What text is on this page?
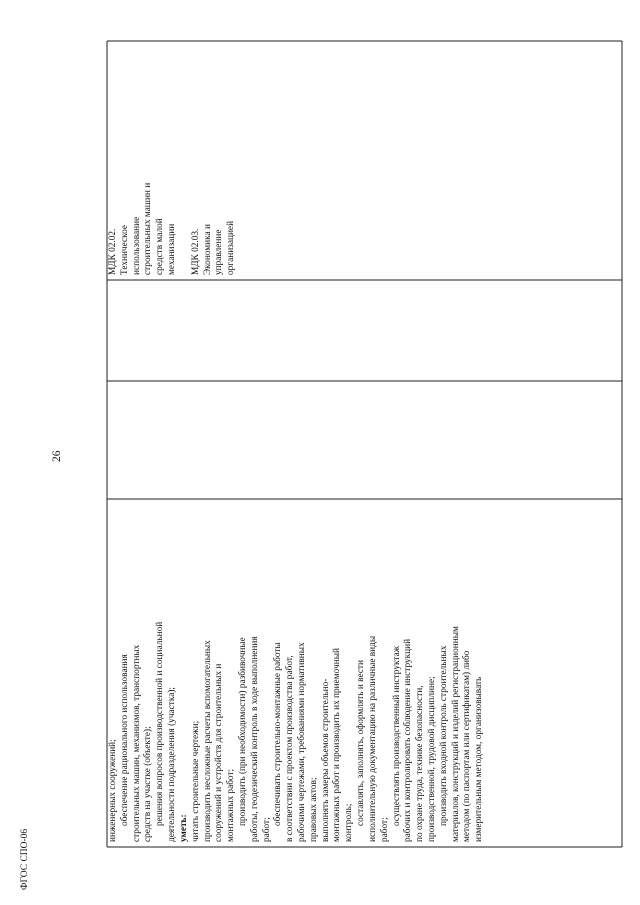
26
ФГОС СПО-06
инженерных сооружений; обеспечение рационального использования строительных машин, механизмов, транспортных средств на участке (объекте); решения вопросов производственной и социальной деятельности подразделения (участка); уметь: читать строительные чертежи; производить несложные расчеты вспомогательных сооружений и устройств для строительных и монтажных работ; производить (при необходимости) разбивочные работы, геодезический контроль в ходе выполнения работ;
обеспечивать строительно-монтажные работы в соответствии с проектом производства работ, рабочими чертежами, требованиями нормативных правовых актов; выполнять замеры объемов строительно- монтажных работ и производить их приемочный контроль; составлять, заполнять, оформлять и вести исполнительную документацию на различные виды работ;
осуществлять производственный инструктаж рабочих и контролировать соблюдение инструкций по охране труда, технике безопасности, производственной, трудовой дисциплине; производить входной контроль строительных материалов, конструкций и изделий регистрационным методом (по паспортам или сертификатам) либо измерительным методом, организовывать
МДК 02.02. Техническое использование строительных машин и средств малой механизации
МДК 02.03. Экономика и управление организацией
